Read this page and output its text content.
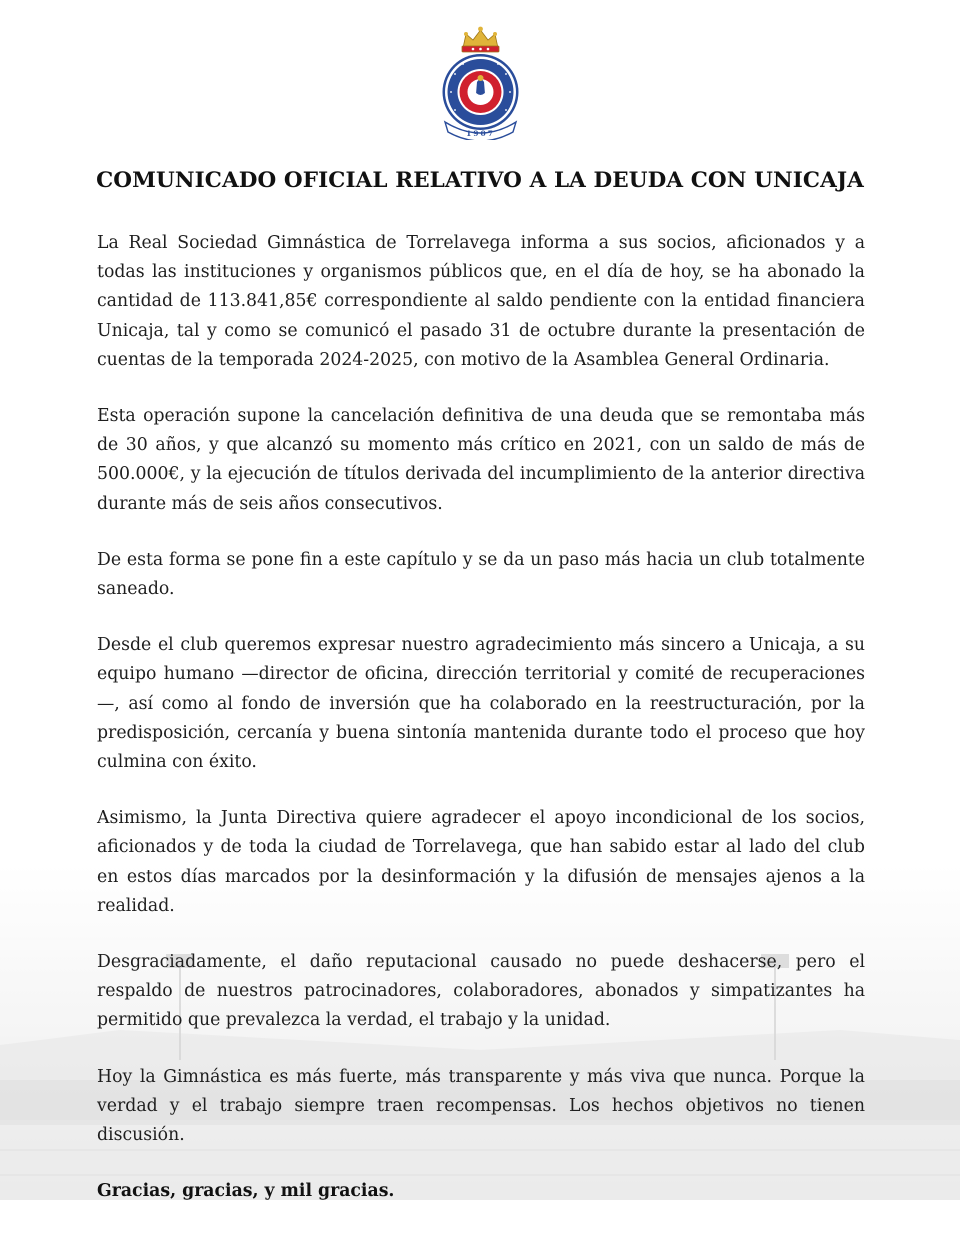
1907
COMUNICADO OFICIAL RELATIVO A LA DEUDA CON UNICAJA

La Real Sociedad Gimnástica de Torrelavega informa a sus socios, aficionados y a todas las instituciones y organismos públicos que, en el día de hoy, se ha abonado la cantidad de 113.841,85€ correspondiente al saldo pendiente con la entidad financiera Unicaja, tal y como se comunicó el pasado 31 de octubre durante la presentación de cuentas de la temporada 2024-2025, con motivo de la Asamblea General Ordinaria.

Esta operación supone la cancelación definitiva de una deuda que se remontaba más de 30 años, y que alcanzó su momento más crítico en 2021, con un saldo de más de 500.000€, y la ejecución de títulos derivada del incumplimiento de la anterior directiva durante más de seis años consecutivos.

De esta forma se pone fin a este capítulo y se da un paso más hacia un club totalmente saneado.

Desde el club queremos expresar nuestro agradecimiento más sincero a Unicaja, a su equipo humano —director de oficina, dirección territorial y comité de recuperaciones—, así como al fondo de inversión que ha colaborado en la reestructuración, por la predisposición, cercanía y buena sintonía mantenida durante todo el proceso que hoy culmina con éxito.

Asimismo, la Junta Directiva quiere agradecer el apoyo incondicional de los socios, aficionados y de toda la ciudad de Torrelavega, que han sabido estar al lado del club en estos días marcados por la desinformación y la difusión de mensajes ajenos a la realidad.

Desgraciadamente, el daño reputacional causado no puede deshacerse, pero el respaldo de nuestros patrocinadores, colaboradores, abonados y simpatizantes ha permitido que prevalezca la verdad, el trabajo y la unidad.

Hoy la Gimnástica es más fuerte, más transparente y más viva que nunca. Porque la verdad y el trabajo siempre traen recompensas. Los hechos objetivos no tienen discusión.

Gracias, gracias, y mil gracias.
